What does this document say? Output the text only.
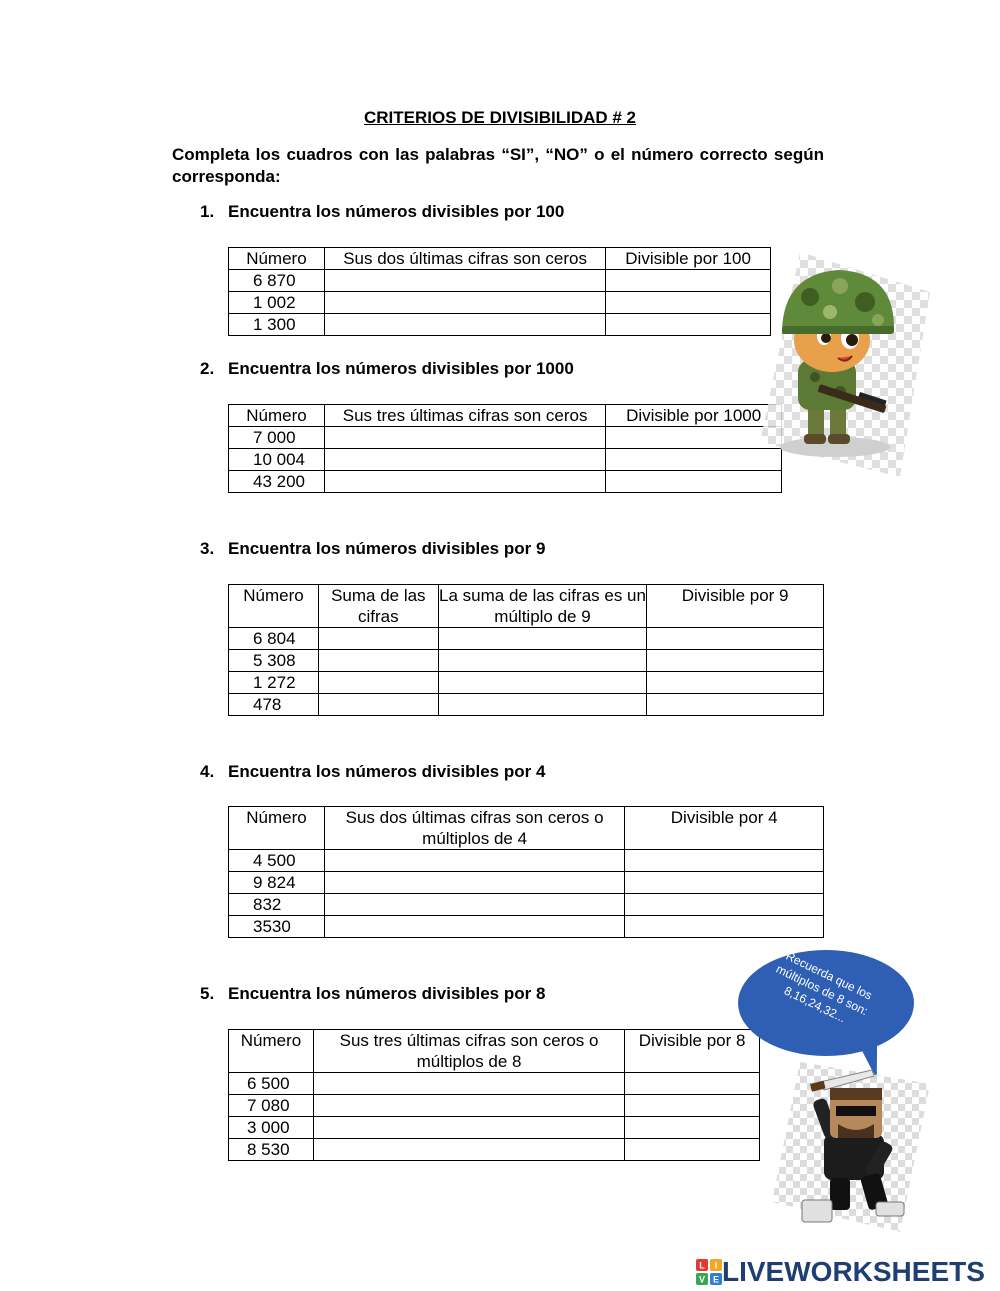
CRITERIOS DE DIVISIBILIDAD # 2
Completa los cuadros con las palabras “SI”, “NO” o el número correcto según corresponda:
1. Encuentra los números divisibles por 100
Número	Sus dos últimas cifras son ceros	Divisible por 100
6 870		
1 002		
1 300		
2. Encuentra los números divisibles por 1000
Número	Sus tres últimas cifras son ceros	Divisible por 1000
7 000		
10 004		
43 200		
3. Encuentra los números divisibles por 9
Número	Suma de las cifras	La suma de las cifras es un múltiplo de 9	Divisible por 9
6 804			
5 308			
1 272			
478			
4. Encuentra los números divisibles por 4
Número	Sus dos últimas cifras son ceros o múltiplos de 4	Divisible por 4
4 500		
9 824		
832		
3530		
5. Encuentra los números divisibles por 8
Número	Sus tres últimas cifras son ceros o múltiplos de 8	Divisible por 8
6 500		
7 080		
3 000		
8 530		
Recuerda que los múltiplos de 8 son: 8,16,24,32...
L I
V E LIVEWORKSHEETS
